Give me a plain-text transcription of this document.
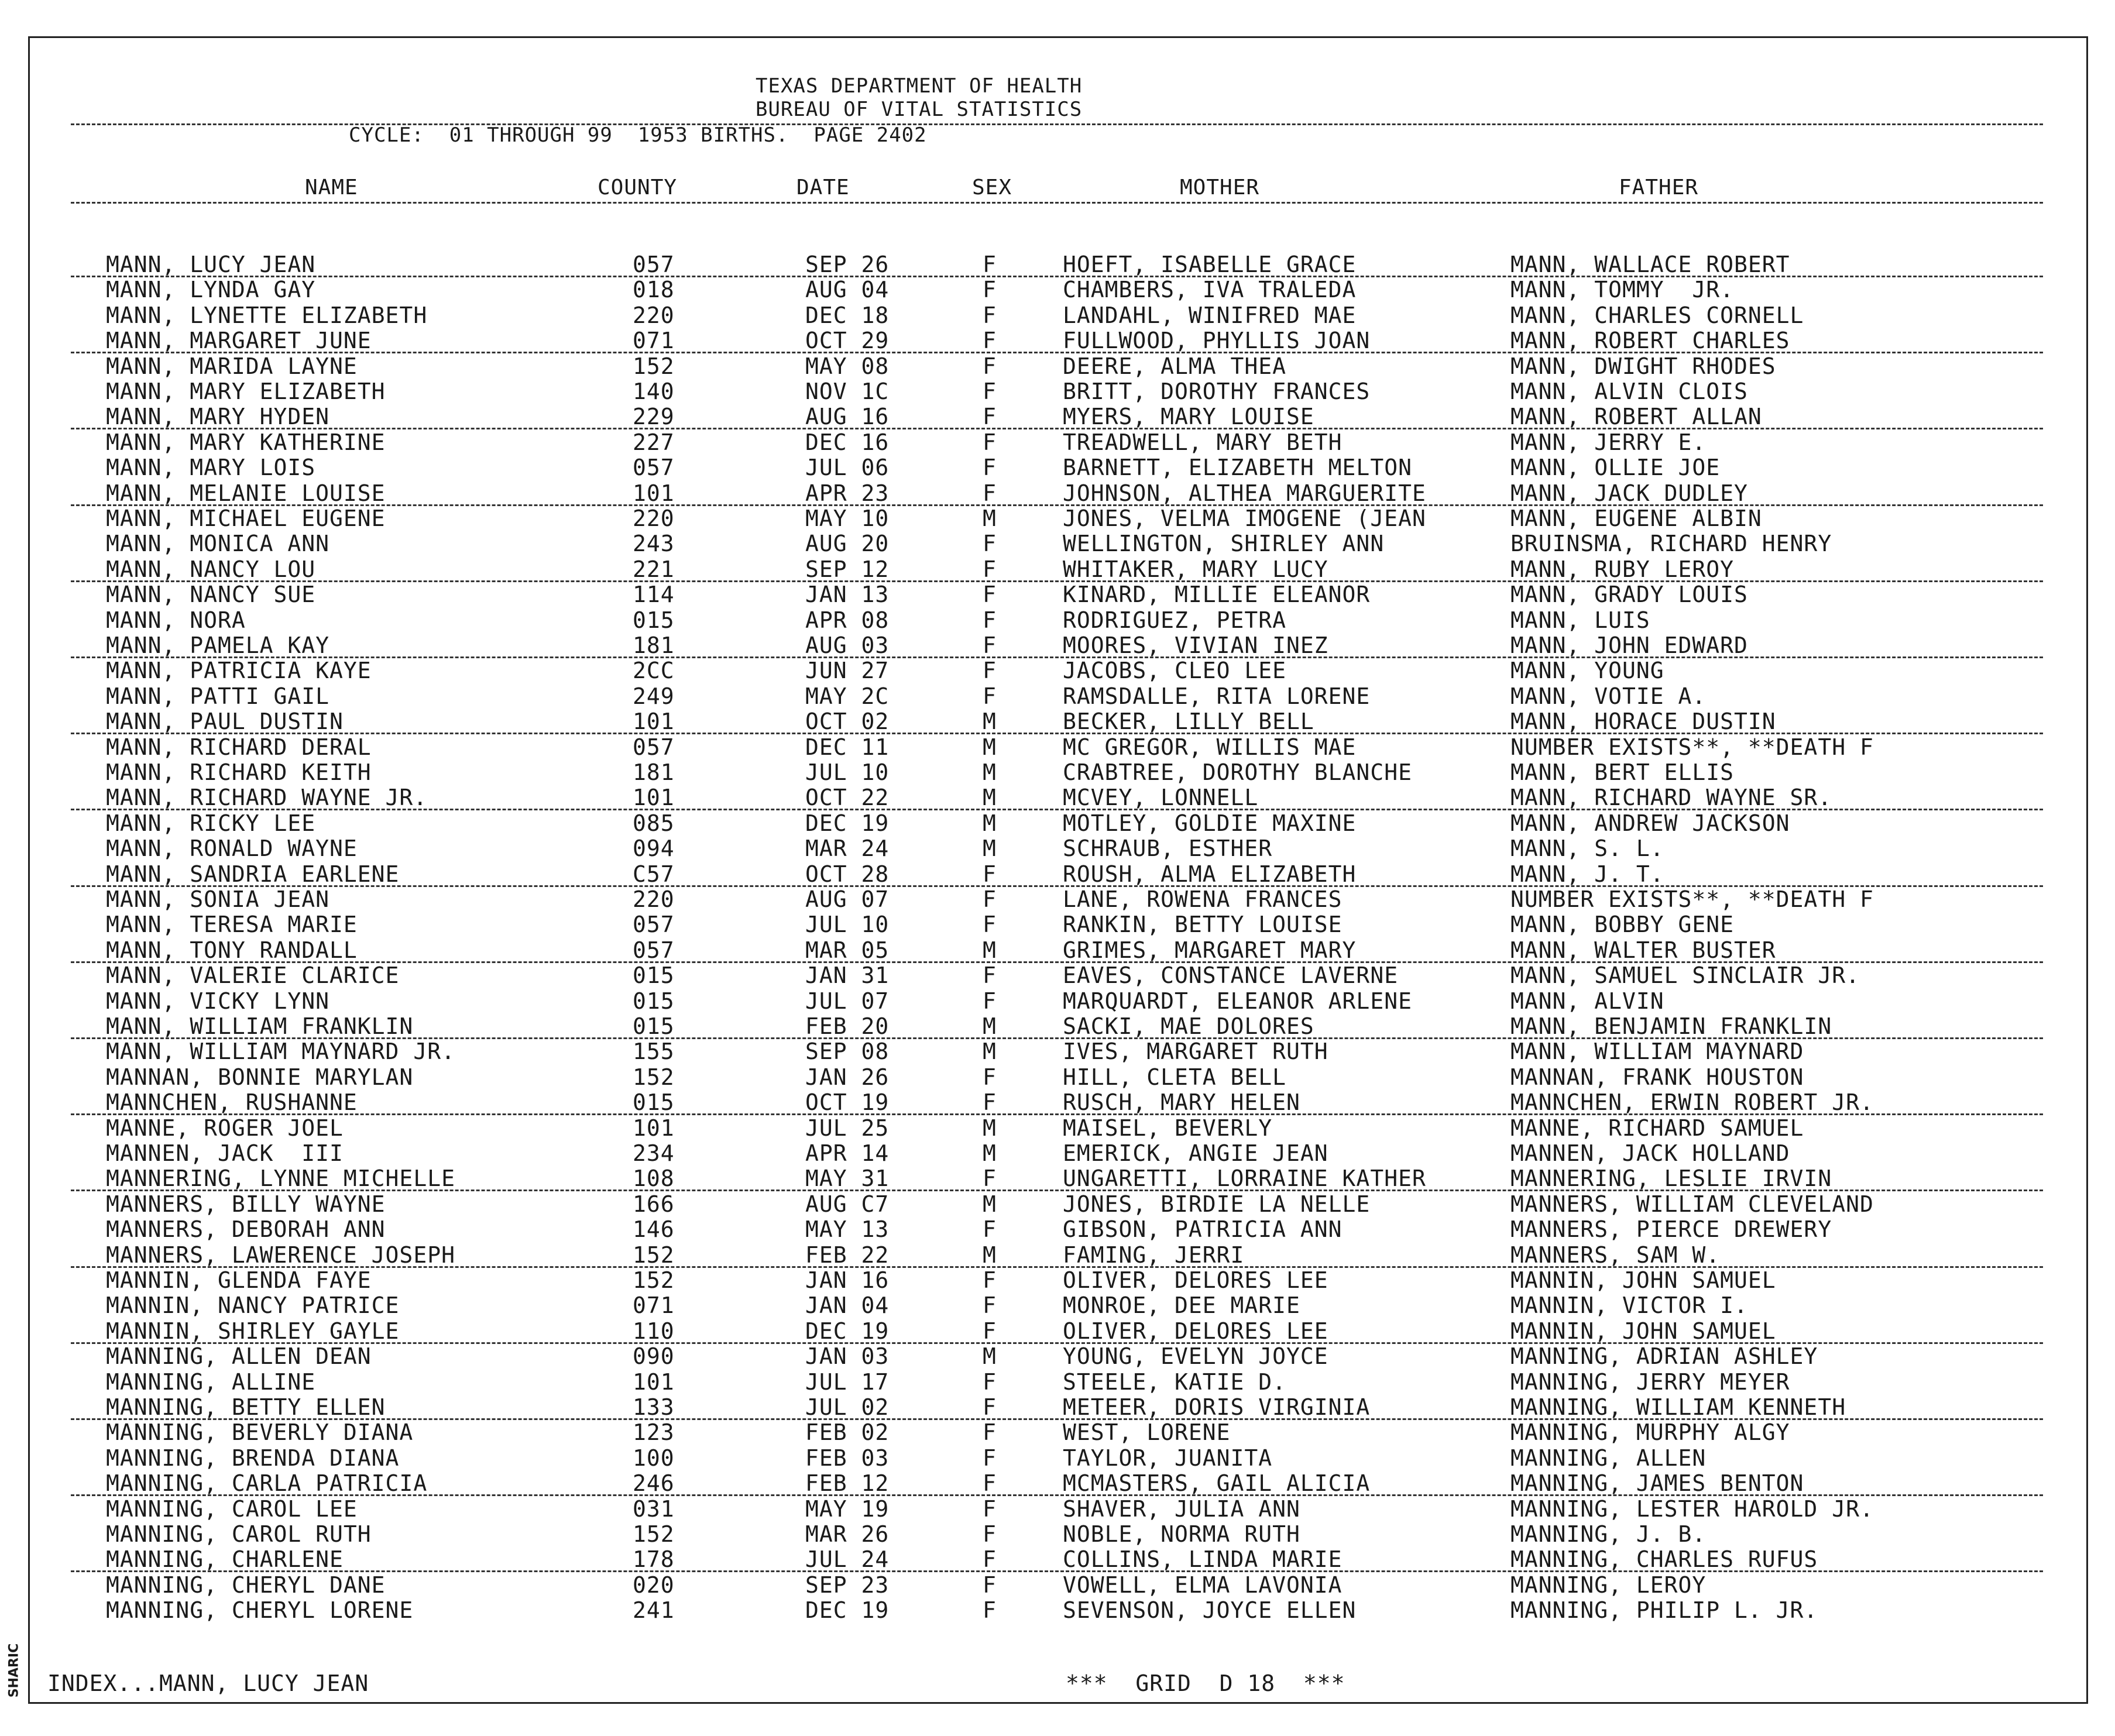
SHARIC
TEXAS DEPARTMENT OF HEALTH
BUREAU OF VITAL STATISTICS
CYCLE:  01 THROUGH 99  1953 BIRTHS.  PAGE 2402
NAME	COUNTY	DATE	SEX	MOTHER	FATHER
MANN, LUCY JEAN	057	SEP 26	F	HOEFT, ISABELLE GRACE	MANN, WALLACE ROBERT
MANN, LYNDA GAY	018	AUG 04	F	CHAMBERS, IVA TRALEDA	MANN, TOMMY  JR.
MANN, LYNETTE ELIZABETH	220	DEC 18	F	LANDAHL, WINIFRED MAE	MANN, CHARLES CORNELL
MANN, MARGARET JUNE	071	OCT 29	F	FULLWOOD, PHYLLIS JOAN	MANN, ROBERT CHARLES
MANN, MARIDA LAYNE	152	MAY 08	F	DEERE, ALMA THEA	MANN, DWIGHT RHODES
MANN, MARY ELIZABETH	140	NOV 1C	F	BRITT, DOROTHY FRANCES	MANN, ALVIN CLOIS
MANN, MARY HYDEN	229	AUG 16	F	MYERS, MARY LOUISE	MANN, ROBERT ALLAN
MANN, MARY KATHERINE	227	DEC 16	F	TREADWELL, MARY BETH	MANN, JERRY E.
MANN, MARY LOIS	057	JUL 06	F	BARNETT, ELIZABETH MELTON	MANN, OLLIE JOE
MANN, MELANIE LOUISE	101	APR 23	F	JOHNSON, ALTHEA MARGUERITE	MANN, JACK DUDLEY
MANN, MICHAEL EUGENE	220	MAY 10	M	JONES, VELMA IMOGENE (JEAN	MANN, EUGENE ALBIN
MANN, MONICA ANN	243	AUG 20	F	WELLINGTON, SHIRLEY ANN	BRUINSMA, RICHARD HENRY
MANN, NANCY LOU	221	SEP 12	F	WHITAKER, MARY LUCY	MANN, RUBY LEROY
MANN, NANCY SUE	114	JAN 13	F	KINARD, MILLIE ELEANOR	MANN, GRADY LOUIS
MANN, NORA	015	APR 08	F	RODRIGUEZ, PETRA	MANN, LUIS
MANN, PAMELA KAY	181	AUG 03	F	MOORES, VIVIAN INEZ	MANN, JOHN EDWARD
MANN, PATRICIA KAYE	2CC	JUN 27	F	JACOBS, CLEO LEE	MANN, YOUNG
MANN, PATTI GAIL	249	MAY 2C	F	RAMSDALLE, RITA LORENE	MANN, VOTIE A.
MANN, PAUL DUSTIN	101	OCT 02	M	BECKER, LILLY BELL	MANN, HORACE DUSTIN
MANN, RICHARD DERAL	057	DEC 11	M	MC GREGOR, WILLIS MAE	NUMBER EXISTS**, **DEATH F
MANN, RICHARD KEITH	181	JUL 10	M	CRABTREE, DOROTHY BLANCHE	MANN, BERT ELLIS
MANN, RICHARD WAYNE JR.	101	OCT 22	M	MCVEY, LONNELL	MANN, RICHARD WAYNE SR.
MANN, RICKY LEE	085	DEC 19	M	MOTLEY, GOLDIE MAXINE	MANN, ANDREW JACKSON
MANN, RONALD WAYNE	094	MAR 24	M	SCHRAUB, ESTHER	MANN, S. L.
MANN, SANDRIA EARLENE	C57	OCT 28	F	ROUSH, ALMA ELIZABETH	MANN, J. T.
MANN, SONIA JEAN	220	AUG 07	F	LANE, ROWENA FRANCES	NUMBER EXISTS**, **DEATH F
MANN, TERESA MARIE	057	JUL 10	F	RANKIN, BETTY LOUISE	MANN, BOBBY GENE
MANN, TONY RANDALL	057	MAR 05	M	GRIMES, MARGARET MARY	MANN, WALTER BUSTER
MANN, VALERIE CLARICE	015	JAN 31	F	EAVES, CONSTANCE LAVERNE	MANN, SAMUEL SINCLAIR JR.
MANN, VICKY LYNN	015	JUL 07	F	MARQUARDT, ELEANOR ARLENE	MANN, ALVIN
MANN, WILLIAM FRANKLIN	015	FEB 20	M	SACKI, MAE DOLORES	MANN, BENJAMIN FRANKLIN
MANN, WILLIAM MAYNARD JR.	155	SEP 08	M	IVES, MARGARET RUTH	MANN, WILLIAM MAYNARD
MANNAN, BONNIE MARYLAN	152	JAN 26	F	HILL, CLETA BELL	MANNAN, FRANK HOUSTON
MANNCHEN, RUSHANNE	015	OCT 19	F	RUSCH, MARY HELEN	MANNCHEN, ERWIN ROBERT JR.
MANNE, ROGER JOEL	101	JUL 25	M	MAISEL, BEVERLY	MANNE, RICHARD SAMUEL
MANNEN, JACK  III	234	APR 14	M	EMERICK, ANGIE JEAN	MANNEN, JACK HOLLAND
MANNERING, LYNNE MICHELLE	108	MAY 31	F	UNGARETTI, LORRAINE KATHER	MANNERING, LESLIE IRVIN
MANNERS, BILLY WAYNE	166	AUG C7	M	JONES, BIRDIE LA NELLE	MANNERS, WILLIAM CLEVELAND
MANNERS, DEBORAH ANN	146	MAY 13	F	GIBSON, PATRICIA ANN	MANNERS, PIERCE DREWERY
MANNERS, LAWERENCE JOSEPH	152	FEB 22	M	FAMING, JERRI	MANNERS, SAM W.
MANNIN, GLENDA FAYE	152	JAN 16	F	OLIVER, DELORES LEE	MANNIN, JOHN SAMUEL
MANNIN, NANCY PATRICE	071	JAN 04	F	MONROE, DEE MARIE	MANNIN, VICTOR I.
MANNIN, SHIRLEY GAYLE	110	DEC 19	F	OLIVER, DELORES LEE	MANNIN, JOHN SAMUEL
MANNING, ALLEN DEAN	090	JAN 03	M	YOUNG, EVELYN JOYCE	MANNING, ADRIAN ASHLEY
MANNING, ALLINE	101	JUL 17	F	STEELE, KATIE D.	MANNING, JERRY MEYER
MANNING, BETTY ELLEN	133	JUL 02	F	METEER, DORIS VIRGINIA	MANNING, WILLIAM KENNETH
MANNING, BEVERLY DIANA	123	FEB 02	F	WEST, LORENE	MANNING, MURPHY ALGY
MANNING, BRENDA DIANA	100	FEB 03	F	TAYLOR, JUANITA	MANNING, ALLEN
MANNING, CARLA PATRICIA	246	FEB 12	F	MCMASTERS, GAIL ALICIA	MANNING, JAMES BENTON
MANNING, CAROL LEE	031	MAY 19	F	SHAVER, JULIA ANN	MANNING, LESTER HAROLD JR.
MANNING, CAROL RUTH	152	MAR 26	F	NOBLE, NORMA RUTH	MANNING, J. B.
MANNING, CHARLENE	178	JUL 24	F	COLLINS, LINDA MARIE	MANNING, CHARLES RUFUS
MANNING, CHERYL DANE	020	SEP 23	F	VOWELL, ELMA LAVONIA	MANNING, LEROY
MANNING, CHERYL LORENE	241	DEC 19	F	SEVENSON, JOYCE ELLEN	MANNING, PHILIP L. JR.
INDEX...MANN, LUCY JEAN	***  GRID  D 18  ***
